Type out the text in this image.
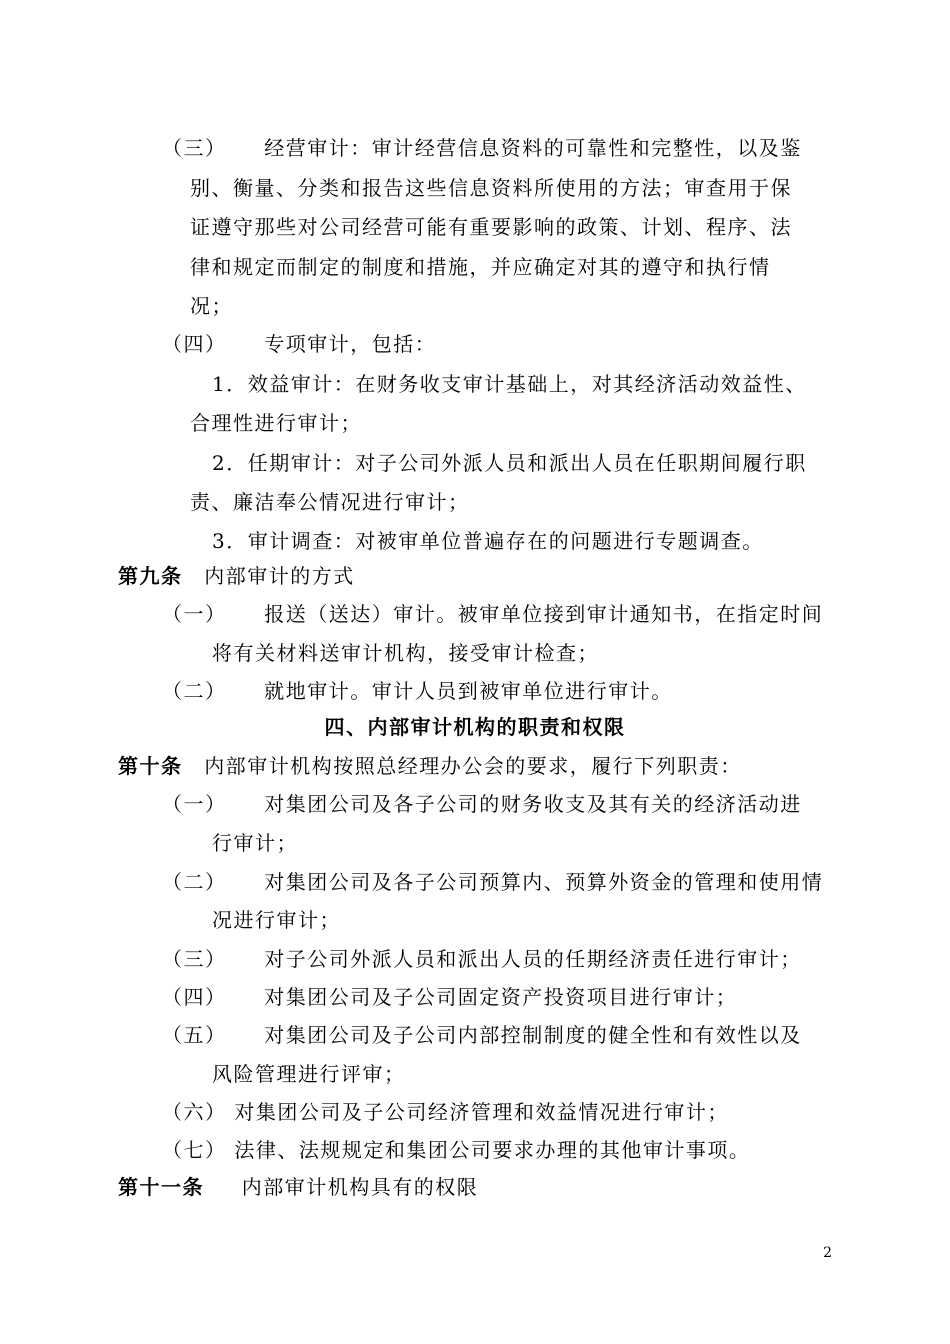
（三） 经营审计：审计经营信息资料的可靠性和完整性，以及鉴
别、衡量、分类和报告这些信息资料所使用的方法；审查用于保
证遵守那些对公司经营可能有重要影响的政策、计划、程序、法
律和规定而制定的制度和措施，并应确定对其的遵守和执行情
况；
（四） 专项审计，包括：
1．效益审计：在财务收支审计基础上，对其经济活动效益性、
合理性进行审计；
2．任期审计：对子公司外派人员和派出人员在任职期间履行职
责、廉洁奉公情况进行审计；
3．审计调查：对被审单位普遍存在的问题进行专题调查。
第九条 内部审计的方式
（一） 报送（送达）审计。被审单位接到审计通知书，在指定时间
将有关材料送审计机构，接受审计检查；
（二） 就地审计。审计人员到被审单位进行审计。
四、内部审计机构的职责和权限
第十条 内部审计机构按照总经理办公会的要求，履行下列职责：
（一） 对集团公司及各子公司的财务收支及其有关的经济活动进
行审计；
（二） 对集团公司及各子公司预算内、预算外资金的管理和使用情
况进行审计；
（三） 对子公司外派人员和派出人员的任期经济责任进行审计；
（四） 对集团公司及子公司固定资产投资项目进行审计；
（五） 对集团公司及子公司内部控制制度的健全性和有效性以及
风险管理进行评审；
（六） 对集团公司及子公司经济管理和效益情况进行审计；
（七） 法律、法规规定和集团公司要求办理的其他审计事项。
第十一条 内部审计机构具有的权限
2
